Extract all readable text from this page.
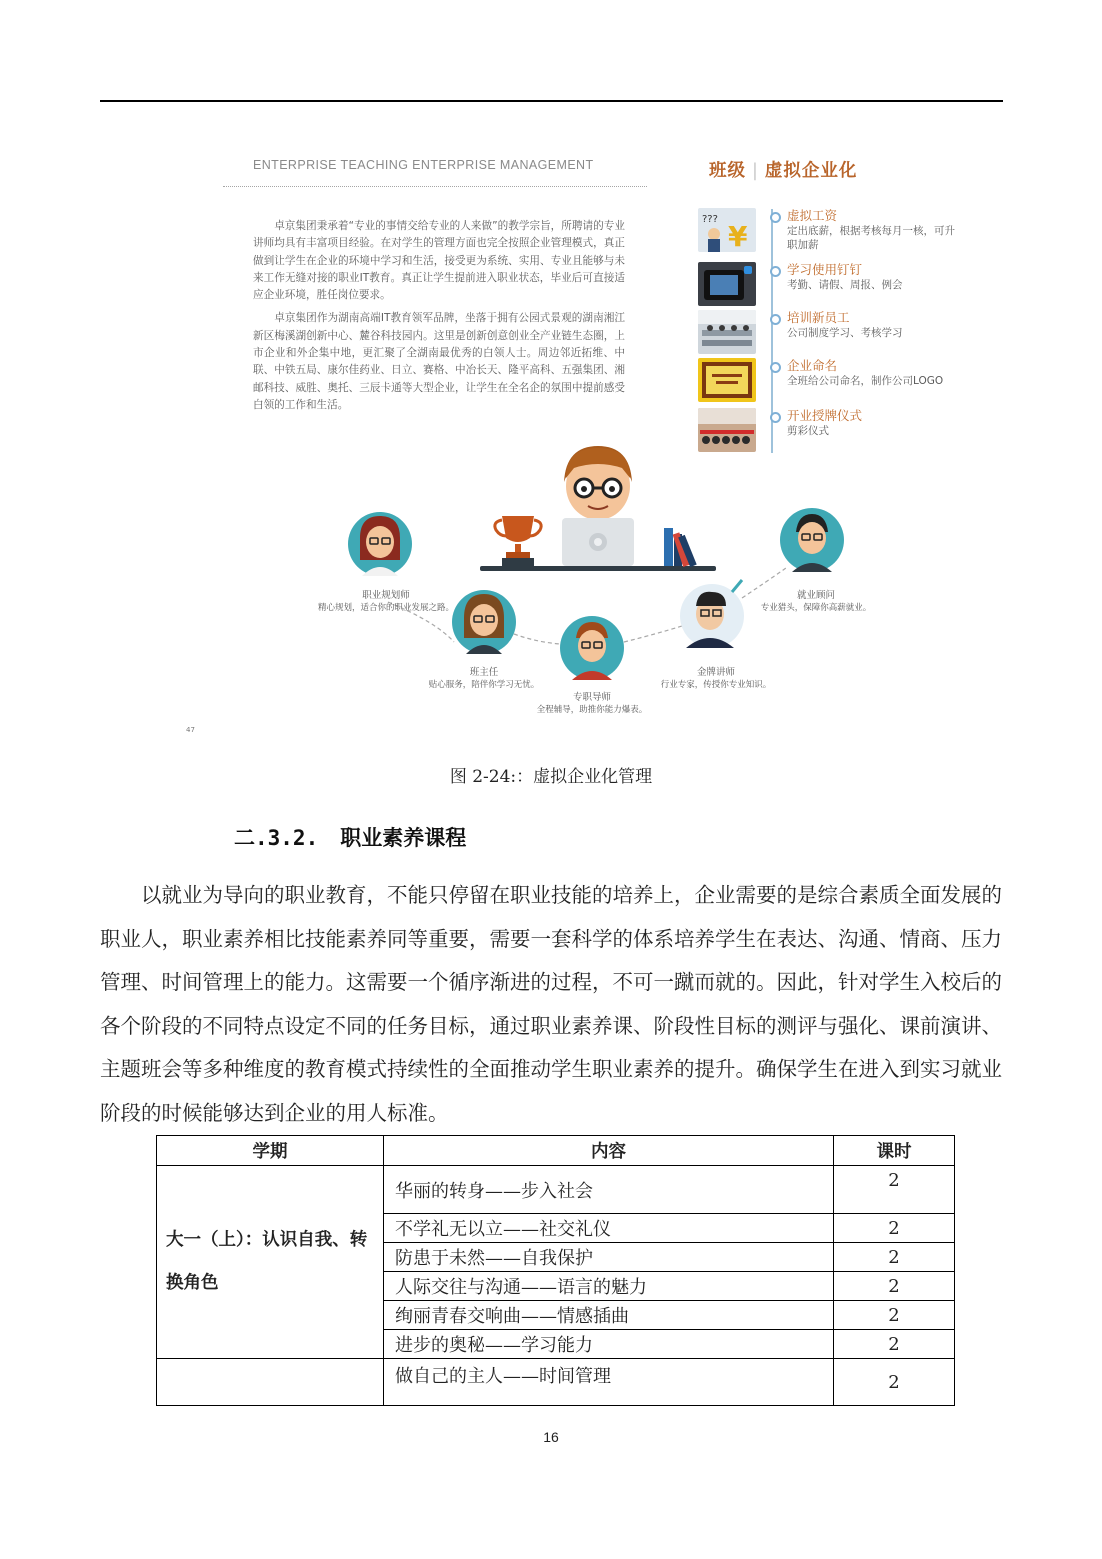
ENTERPRISE TEACHING ENTERPRISE MANAGEMENT

卓京集团秉承着“专业的事情交给专业的人来做”的教学宗旨，所聘请的专业讲师均具有丰富项目经验。在对学生的管理方面也完全按照企业管理模式，真正做到让学生在企业的环境中学习和生活，接受更为系统、实用、专业且能够与未来工作无缝对接的职业IT教育。真正让学生提前进入职业状态，毕业后可直接适应企业环境，胜任岗位要求。

卓京集团作为湖南高端IT教育领军品牌，坐落于拥有公园式景观的湖南湘江新区梅溪湖创新中心、麓谷科技园内。这里是创新创意创业全产业链生态圈，上市企业和外企集中地，更汇聚了全湖南最优秀的白领人士。周边邻近拓维、中联、中铁五局、康尔佳药业、日立、赛格、中冶长天、隆平高科、五强集团、湘邮科技、威胜、奥托、三辰卡通等大型企业，让学生在全名企的氛围中提前感受白领的工作和生活。

班级 | 虚拟企业化
???
¥
虚拟工资
定出底薪，根据考核每月一核，可升职加薪
学习使用钉钉
考勤、请假、周报、例会
培训新员工
公司制度学习、考核学习
企业命名
全班给公司命名，制作公司LOGO
开业授牌仪式
剪彩仪式
职业规划师
精心规划，适合你的职业发展之路。
班主任
贴心服务，陪伴你学习无忧。
专职导师
全程辅导，助推你能力爆表。
金牌讲师
行业专家，传授你专业知识。
就业顾问
专业猎头，保障你高薪就业。
47
图 2-24:：虚拟企业化管理
二.3.2. 职业素养课程
以就业为导向的职业教育，不能只停留在职业技能的培养上，企业需要的是综合素质全面发展的职业人，职业素养相比技能素养同等重要，需要一套科学的体系培养学生在表达、沟通、情商、压力管理、时间管理上的能力。这需要一个循序渐进的过程，不可一蹴而就的。因此，针对学生入校后的各个阶段的不同特点设定不同的任务目标，通过职业素养课、阶段性目标的测评与强化、课前演讲、主题班会等多种维度的教育模式持续性的全面推动学生职业素养的提升。确保学生在进入到实习就业阶段的时候能够达到企业的用人标准。
学期	内容	课时
大一（上）：认识自我、转换角色	华丽的转身——步入社会	2
	不学礼无以立——社交礼仪	2
	防患于未然——自我保护	2
	人际交往与沟通——语言的魅力	2
	绚丽青春交响曲——情感插曲	2
	进步的奥秘——学习能力	2
	做自己的主人——时间管理	2
16
